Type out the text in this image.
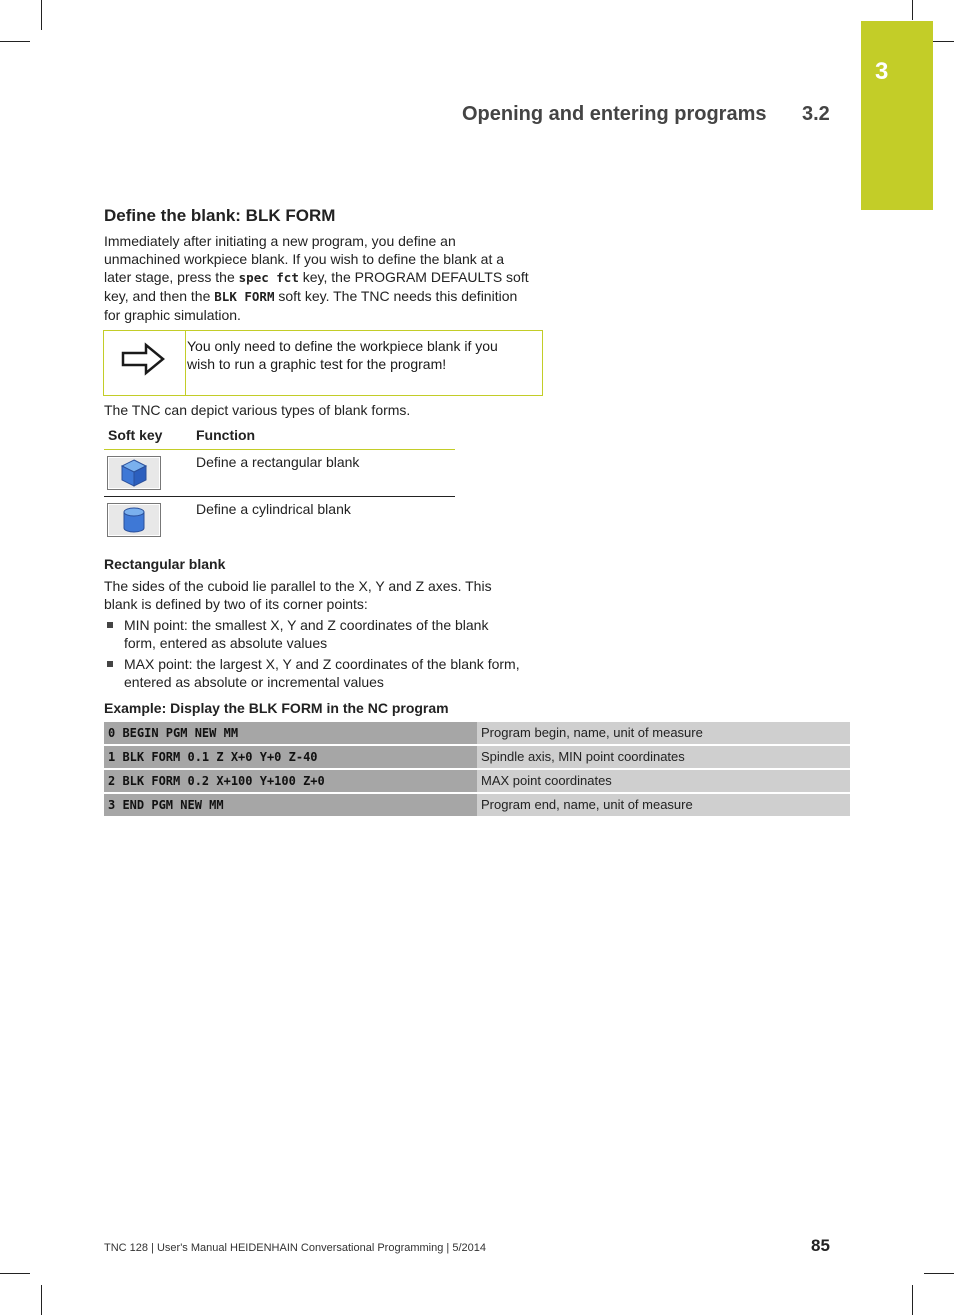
3
Opening and entering programs 3.2
Define the blank: BLK FORM
Immediately after initiating a new program, you define an
unmachined workpiece blank. If you wish to define the blank at a
later stage, press the spec fct key, the PROGRAM DEFAULTS soft
key, and then the BLK FORM soft key. The TNC needs this definition
for graphic simulation.
You only need to define the workpiece blank if you
wish to run a graphic test for the program!
The TNC can depict various types of blank forms.
Soft key Function
Define a rectangular blank
Define a cylindrical blank
Rectangular blank
The sides of the cuboid lie parallel to the X, Y and Z axes. This
blank is defined by two of its corner points:
MIN point: the smallest X, Y and Z coordinates of the blank
form, entered as absolute values
MAX point: the largest X, Y and Z coordinates of the blank form,
entered as absolute or incremental values
Example: Display the BLK FORM in the NC program
0 BEGIN PGM NEW MM	Program begin, name, unit of measure
1 BLK FORM 0.1 Z X+0 Y+0 Z-40	Spindle axis, MIN point coordinates
2 BLK FORM 0.2 X+100 Y+100 Z+0	MAX point coordinates
3 END PGM NEW MM	Program end, name, unit of measure
TNC 128 | User's Manual HEIDENHAIN Conversational Programming | 5/2014	85
